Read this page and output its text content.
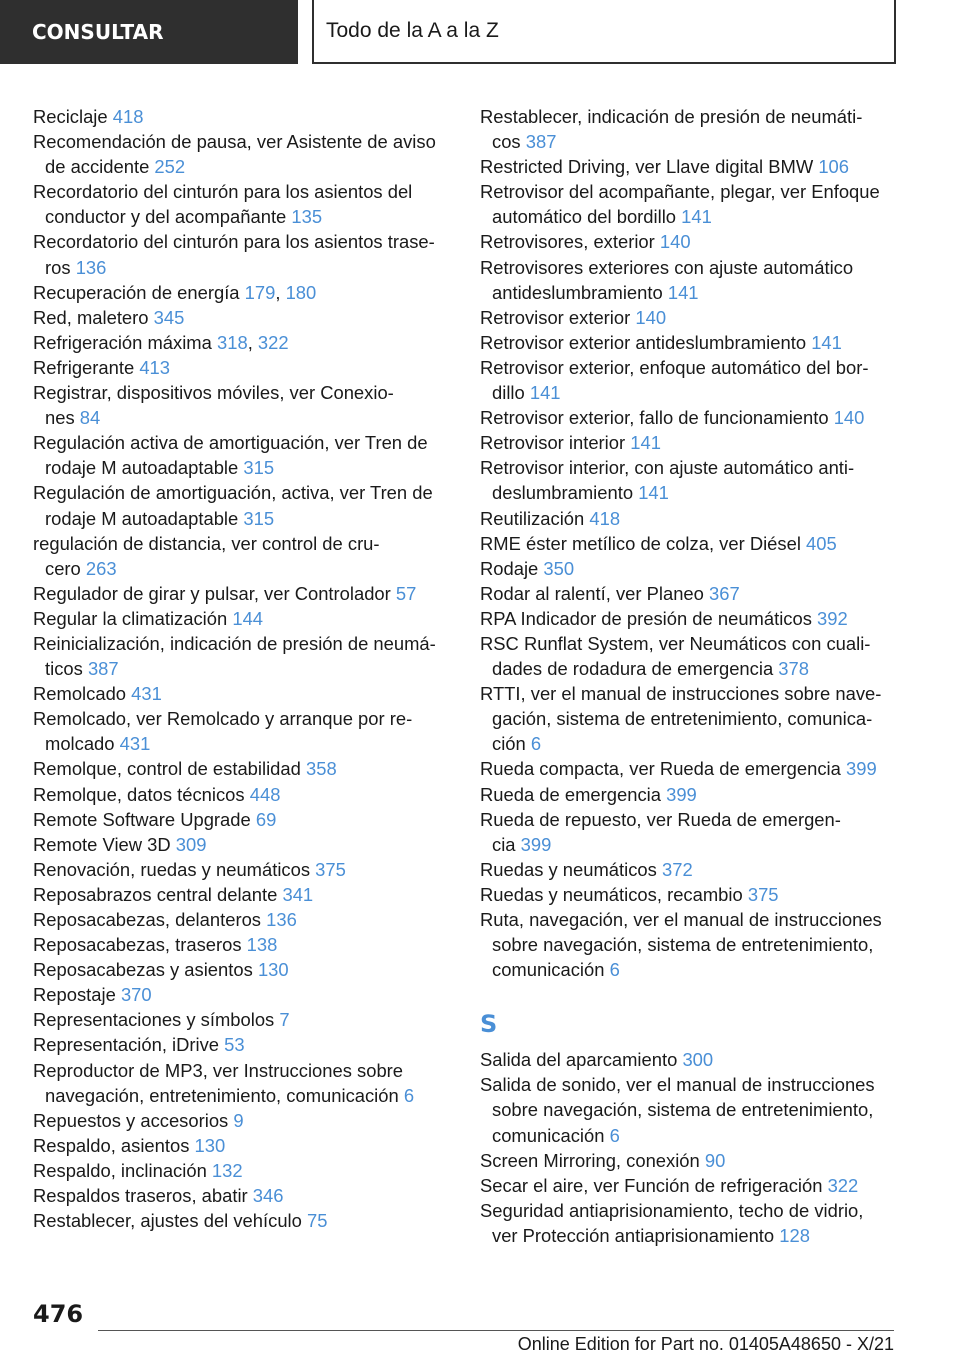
CONSULTAR	Todo de la A a la Z
Reciclaje 418
Recomendación de pausa, ver Asistente de aviso
de accidente 252
Recordatorio del cinturón para los asientos del
conductor y del acompañante 135
Recordatorio del cinturón para los asientos trase‐
ros 136
Recuperación de energía 179, 180
Red, maletero 345
Refrigeración máxima 318, 322
Refrigerante 413
Registrar, dispositivos móviles, ver Conexio‐
nes 84
Regulación activa de amortiguación, ver Tren de
rodaje M autoadaptable 315
Regulación de amortiguación, activa, ver Tren de
rodaje M autoadaptable 315
regulación de distancia, ver control de cru‐
cero 263
Regulador de girar y pulsar, ver Controlador 57
Regular la climatización 144
Reinicialización, indicación de presión de neumá‐
ticos 387
Remolcado 431
Remolcado, ver Remolcado y arranque por re‐
molcado 431
Remolque, control de estabilidad 358
Remolque, datos técnicos 448
Remote Software Upgrade 69
Remote View 3D 309
Renovación, ruedas y neumáticos 375
Reposabrazos central delante 341
Reposacabezas, delanteros 136
Reposacabezas, traseros 138
Reposacabezas y asientos 130
Repostaje 370
Representaciones y símbolos 7
Representación, iDrive 53
Reproductor de MP3, ver Instrucciones sobre
navegación, entretenimiento, comunicación 6
Repuestos y accesorios 9
Respaldo, asientos 130
Respaldo, inclinación 132
Respaldos traseros, abatir 346
Restablecer, ajustes del vehículo 75
Restablecer, indicación de presión de neumáti‐
cos 387
Restricted Driving, ver Llave digital BMW 106
Retrovisor del acompañante, plegar, ver Enfoque
automático del bordillo 141
Retrovisores, exterior 140
Retrovisores exteriores con ajuste automático
antideslumbramiento 141
Retrovisor exterior 140
Retrovisor exterior antideslumbramiento 141
Retrovisor exterior, enfoque automático del bor‐
dillo 141
Retrovisor exterior, fallo de funcionamiento 140
Retrovisor interior 141
Retrovisor interior, con ajuste automático anti‐
deslumbramiento 141
Reutilización 418
RME éster metílico de colza, ver Diésel 405
Rodaje 350
Rodar al ralentí, ver Planeo 367
RPA Indicador de presión de neumáticos 392
RSC Runflat System, ver Neumáticos con cuali‐
dades de rodadura de emergencia 378
RTTI, ver el manual de instrucciones sobre nave‐
gación, sistema de entretenimiento, comunica‐
ción 6
Rueda compacta, ver Rueda de emergencia 399
Rueda de emergencia 399
Rueda de repuesto, ver Rueda de emergen‐
cia 399
Ruedas y neumáticos 372
Ruedas y neumáticos, recambio 375
Ruta, navegación, ver el manual de instrucciones
sobre navegación, sistema de entretenimiento,
comunicación 6
S
Salida del aparcamiento 300
Salida de sonido, ver el manual de instrucciones
sobre navegación, sistema de entretenimiento,
comunicación 6
Screen Mirroring, conexión 90
Secar el aire, ver Función de refrigeración 322
Seguridad antiaprisionamiento, techo de vidrio,
ver Protección antiaprisionamiento 128
476
Online Edition for Part no. 01405A48650 - X/21
